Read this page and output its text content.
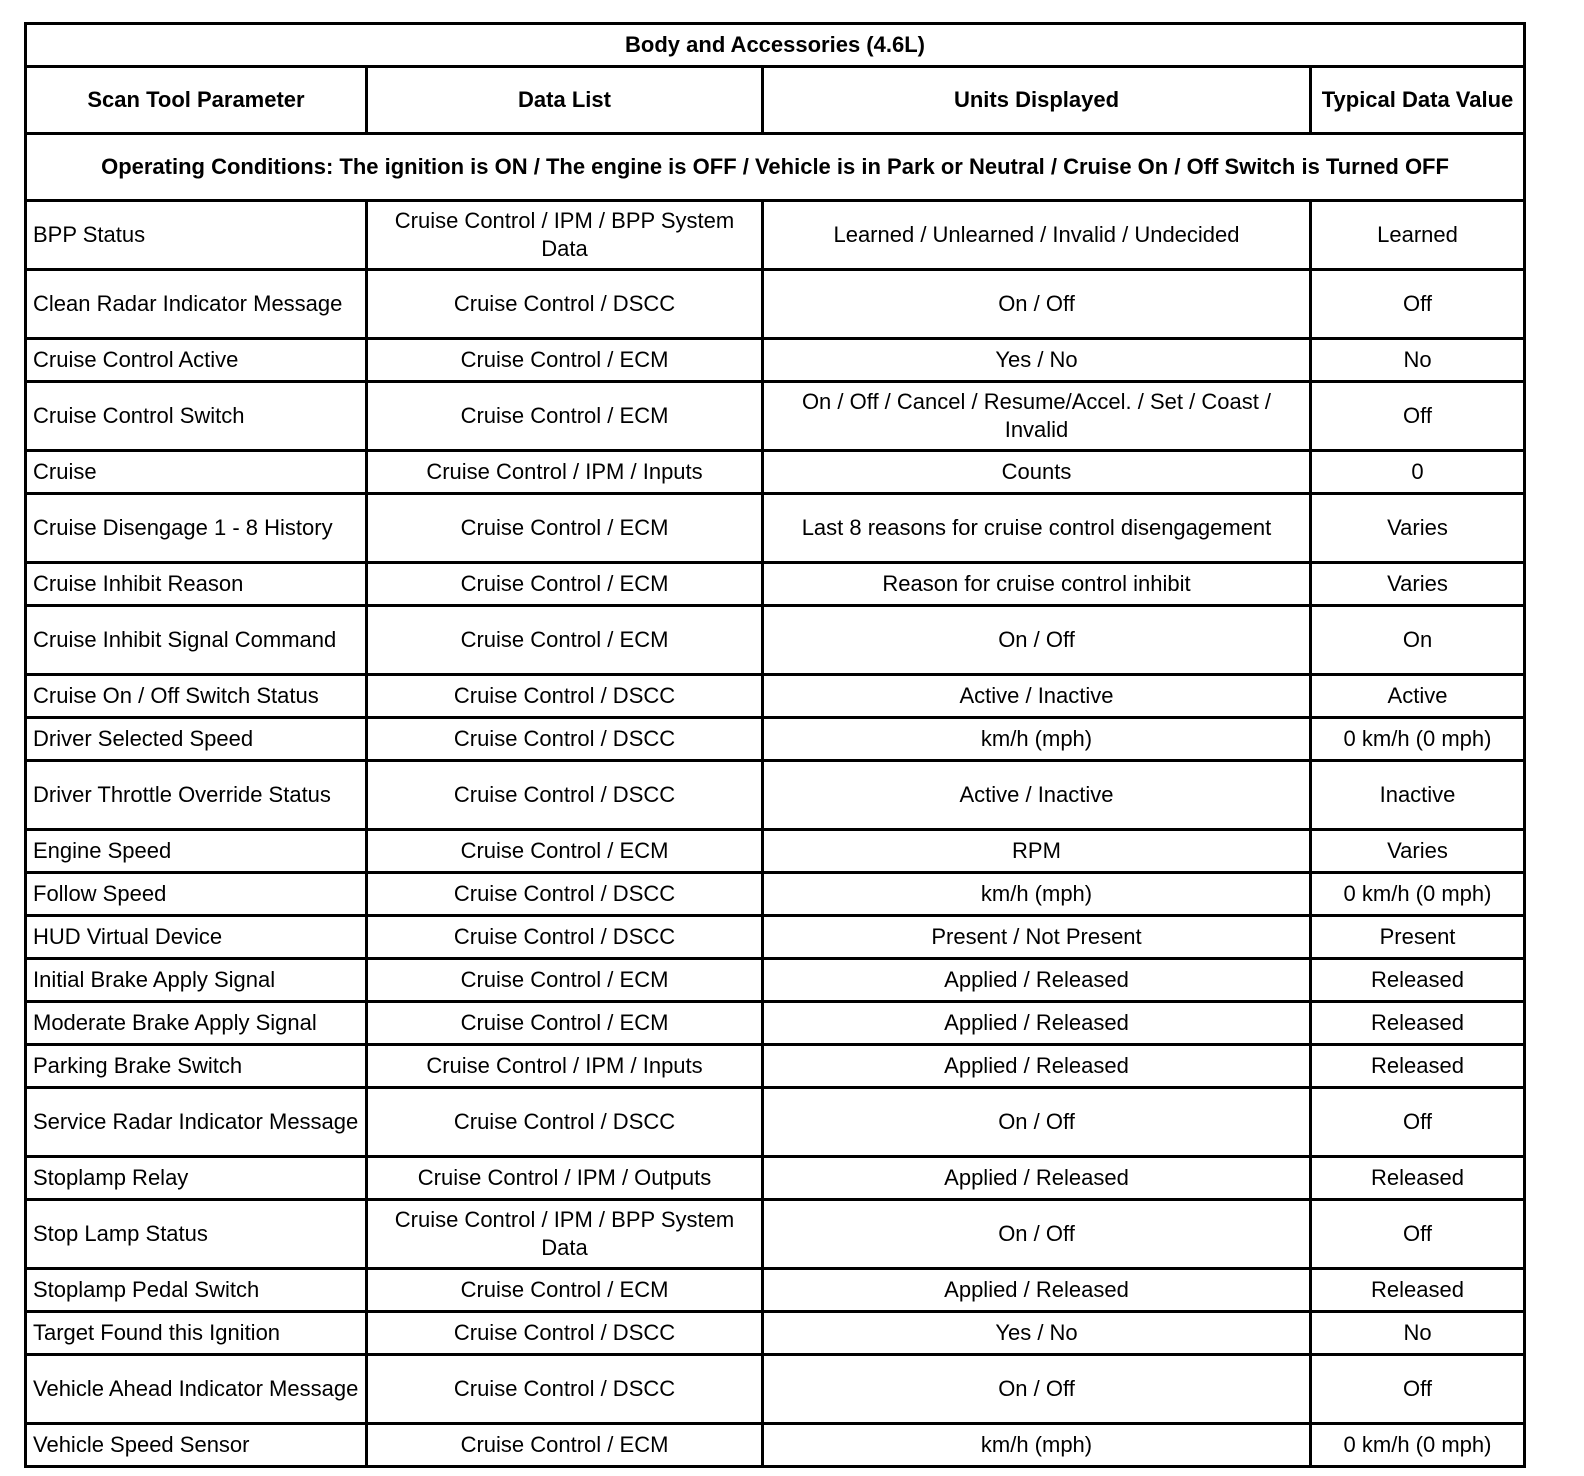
Body and Accessories (4.6L)			
Scan Tool Parameter	Data List	Units Displayed	Typical Data Value
Operating Conditions: The ignition is ON / The engine is OFF / Vehicle is in Park or Neutral / Cruise On / Off Switch is Turned OFF			
BPP Status	Cruise Control / IPM / BPP System Data	Learned / Unlearned / Invalid / Undecided	Learned
Clean Radar Indicator Message	Cruise Control / DSCC	On / Off	Off
Cruise Control Active	Cruise Control / ECM	Yes / No	No
Cruise Control Switch	Cruise Control / ECM	On / Off / Cancel / Resume/Accel. / Set / Coast / Invalid	Off
Cruise	Cruise Control / IPM / Inputs	Counts	0
Cruise Disengage 1 - 8 History	Cruise Control / ECM	Last 8 reasons for cruise control disengagement	Varies
Cruise Inhibit Reason	Cruise Control / ECM	Reason for cruise control inhibit	Varies
Cruise Inhibit Signal Command	Cruise Control / ECM	On / Off	On
Cruise On / Off Switch Status	Cruise Control / DSCC	Active / Inactive	Active
Driver Selected Speed	Cruise Control / DSCC	km/h (mph)	0 km/h (0 mph)
Driver Throttle Override Status	Cruise Control / DSCC	Active / Inactive	Inactive
Engine Speed	Cruise Control / ECM	RPM	Varies
Follow Speed	Cruise Control / DSCC	km/h (mph)	0 km/h (0 mph)
HUD Virtual Device	Cruise Control / DSCC	Present / Not Present	Present
Initial Brake Apply Signal	Cruise Control / ECM	Applied / Released	Released
Moderate Brake Apply Signal	Cruise Control / ECM	Applied / Released	Released
Parking Brake Switch	Cruise Control / IPM / Inputs	Applied / Released	Released
Service Radar Indicator Message	Cruise Control / DSCC	On / Off	Off
Stoplamp Relay	Cruise Control / IPM / Outputs	Applied / Released	Released
Stop Lamp Status	Cruise Control / IPM / BPP System Data	On / Off	Off
Stoplamp Pedal Switch	Cruise Control / ECM	Applied / Released	Released
Target Found this Ignition	Cruise Control / DSCC	Yes / No	No
Vehicle Ahead Indicator Message	Cruise Control / DSCC	On / Off	Off
Vehicle Speed Sensor	Cruise Control / ECM	km/h (mph)	0 km/h (0 mph)
